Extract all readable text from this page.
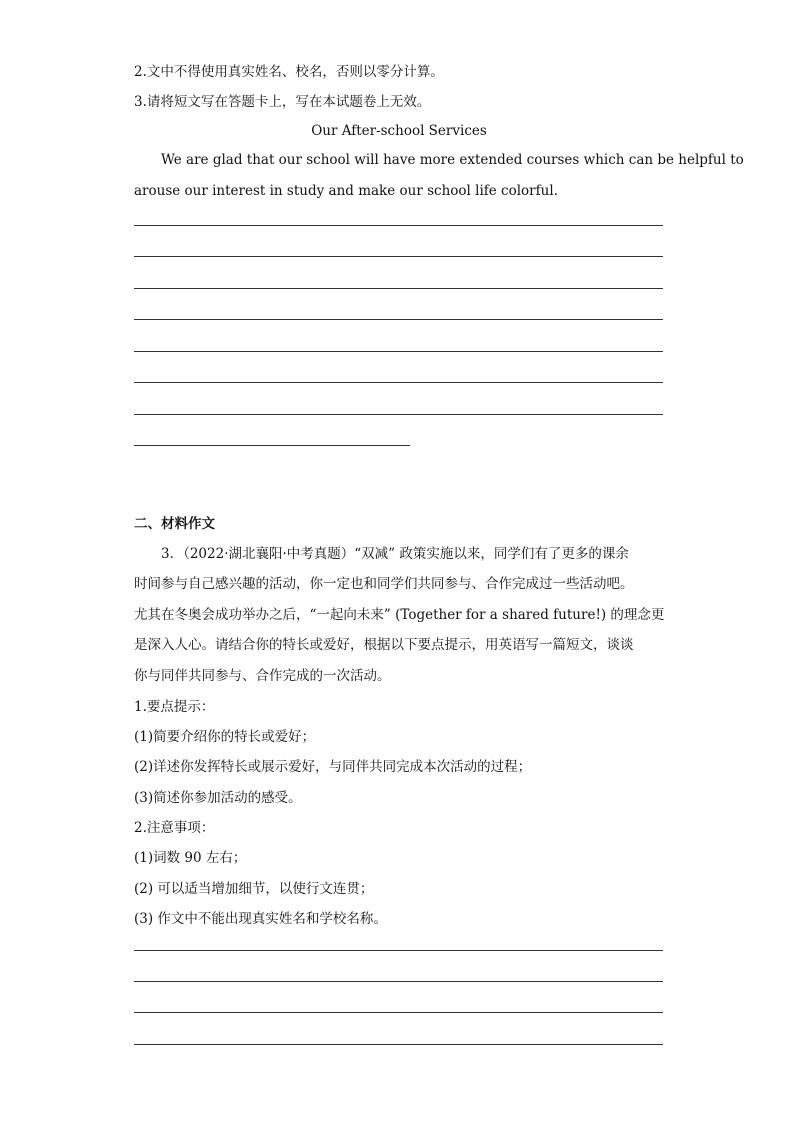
2.文中不得使用真实姓名、校名，否则以零分计算。
3.请将短文写在答题卡上，写在本试题卷上无效。
Our After-school Services
We are glad that our school will have more extended courses which can be helpful to
arouse our interest in study and make our school life colorful.
二、材料作文
3．（2022·湖北襄阳·中考真题）“双减” 政策实施以来，同学们有了更多的课余
时间参与自己感兴趣的活动，你一定也和同学们共同参与、合作完成过一些活动吧。
尤其在冬奥会成功举办之后，“一起向未来” (Together for a shared future!) 的理念更
是深入人心。请结合你的特长或爱好，根据以下要点提示，用英语写一篇短文，谈谈
你与同伴共同参与、合作完成的一次活动。
1.要点提示：
(1)简要介绍你的特长或爱好；
(2)详述你发挥特长或展示爱好，与同伴共同完成本次活动的过程；
(3)简述你参加活动的感受。
2.注意事项：
(1)词数 90 左右；
(2) 可以适当增加细节，以使行文连贯；
(3) 作文中不能出现真实姓名和学校名称。
